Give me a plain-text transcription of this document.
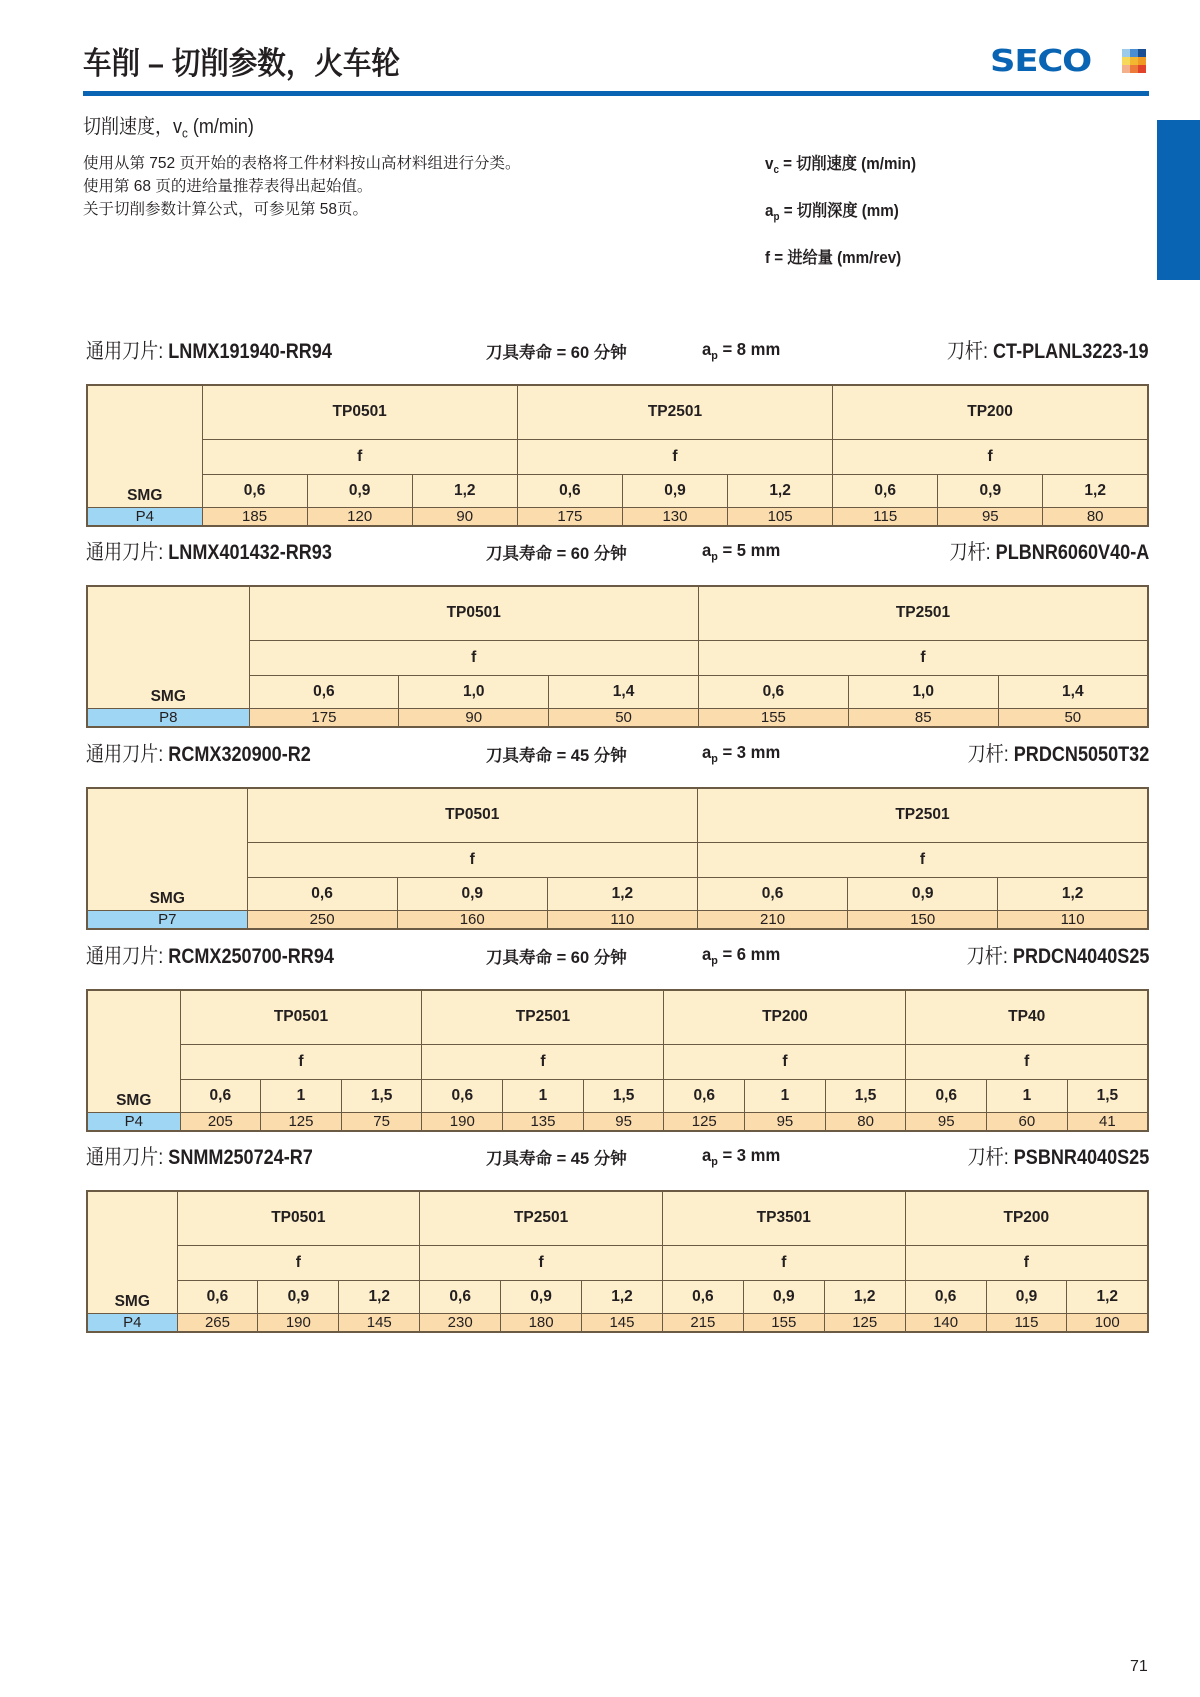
车削 – 切削参数，火车轮	SECO
切削速度，$v_c$ (m/min)
使用从第 752 页开始的表格将工件材料按山高材料组进行分类。
使用第 68 页的进给量推荐表得出起始值。
关于切削参数计算公式，可参见第 58页。
$v_c$ = 切削速度 (m/min)
$a_p$ = 切削深度 (mm)
f = 进给量 (mm/rev)
通用刀片: LNMX191940-RR94	刀具寿命 = 60 分钟	$a_p = 8$ mm	刀杆: CT-PLANL3223-19
SMG	TP0501			TP2501			TP200		
	f			f			f		
	0,6	0,9	1,2	0,6	0,9	1,2	0,6	0,9	1,2
P4	185	120	90	175	130	105	115	95	80
通用刀片: LNMX401432-RR93	刀具寿命 = 60 分钟	$a_p = 5$ mm	刀杆: PLBNR6060V40-A
SMG	TP0501			TP2501		
	f			f		
	0,6	1,0	1,4	0,6	1,0	1,4
P8	175	90	50	155	85	50
通用刀片: RCMX320900-R2	刀具寿命 = 45 分钟	$a_p = 3$ mm	刀杆: PRDCN5050T32
SMG	TP0501			TP2501		
	f			f		
	0,6	0,9	1,2	0,6	0,9	1,2
P7	250	160	110	210	150	110
通用刀片: RCMX250700-RR94	刀具寿命 = 60 分钟	$a_p = 6$ mm	刀杆: PRDCN4040S25
SMG	TP0501			TP2501			TP200			TP40		
	f			f			f			f		
	0,6	1	1,5	0,6	1	1,5	0,6	1	1,5	0,6	1	1,5
P4	205	125	75	190	135	95	125	95	80	95	60	41
通用刀片: SNMM250724-R7	刀具寿命 = 45 分钟	$a_p = 3$ mm	刀杆: PSBNR4040S25
SMG	TP0501			TP2501			TP3501			TP200		
	f			f			f			f		
	0,6	0,9	1,2	0,6	0,9	1,2	0,6	0,9	1,2	0,6	0,9	1,2
P4	265	190	145	230	180	145	215	155	125	140	115	100
71
